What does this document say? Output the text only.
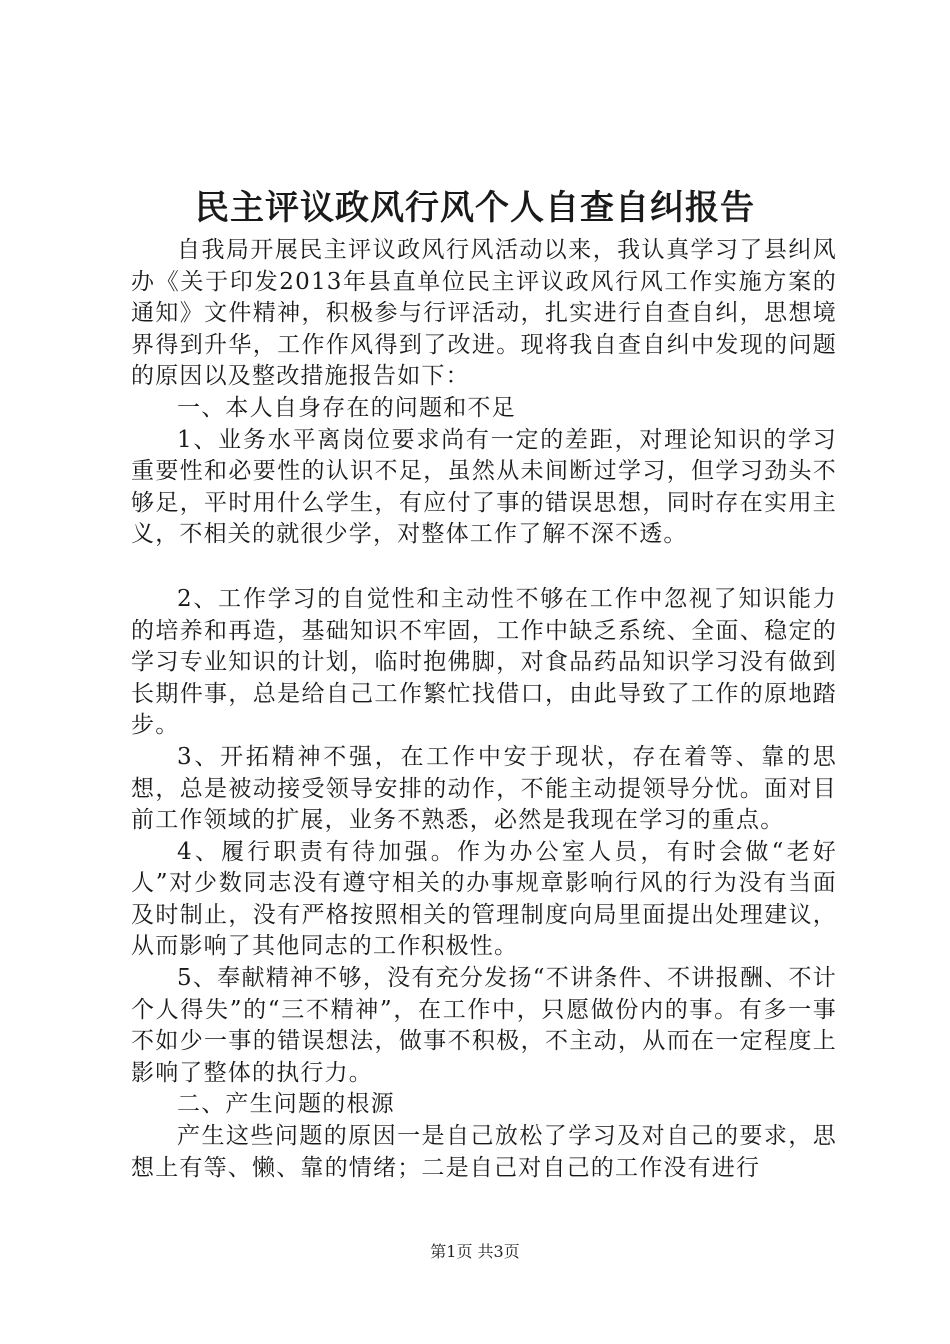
民主评议政风行风个人自查自纠报告

自我局开展民主评议政风行风活动以来，我认真学习了县纠风办《关于印发2013年县直单位民主评议政风行风工作实施方案的通知》文件精神，积极参与行评活动，扎实进行自查自纠，思想境界得到升华，工作作风得到了改进。现将我自查自纠中发现的问题的原因以及整改措施报告如下：

一、本人自身存在的问题和不足

1、业务水平离岗位要求尚有一定的差距，对理论知识的学习重要性和必要性的认识不足，虽然从未间断过学习，但学习劲头不够足，平时用什么学生，有应付了事的错误思想，同时存在实用主义，不相关的就很少学，对整体工作了解不深不透。

2、工作学习的自觉性和主动性不够在工作中忽视了知识能力的培养和再造，基础知识不牢固，工作中缺乏系统、全面、稳定的学习专业知识的计划，临时抱佛脚，对食品药品知识学习没有做到长期件事，总是给自己工作繁忙找借口，由此导致了工作的原地踏步。

3、开拓精神不强，在工作中安于现状，存在着等、靠的思想，总是被动接受领导安排的动作，不能主动提领导分忧。面对目前工作领域的扩展，业务不熟悉，必然是我现在学习的重点。

4、履行职责有待加强。作为办公室人员，有时会做“老好人”对少数同志没有遵守相关的办事规章影响行风的行为没有当面及时制止，没有严格按照相关的管理制度向局里面提出处理建议，从而影响了其他同志的工作积极性。

5、奉献精神不够，没有充分发扬“不讲条件、不讲报酬、不计个人得失”的“三不精神”，在工作中，只愿做份内的事。有多一事不如少一事的错误想法，做事不积极，不主动，从而在一定程度上影响了整体的执行力。

二、产生问题的根源

产生这些问题的原因一是自己放松了学习及对自己的要求，思想上有等、懒、靠的情绪；二是自己对自己的工作没有进行

第1页 共3页
